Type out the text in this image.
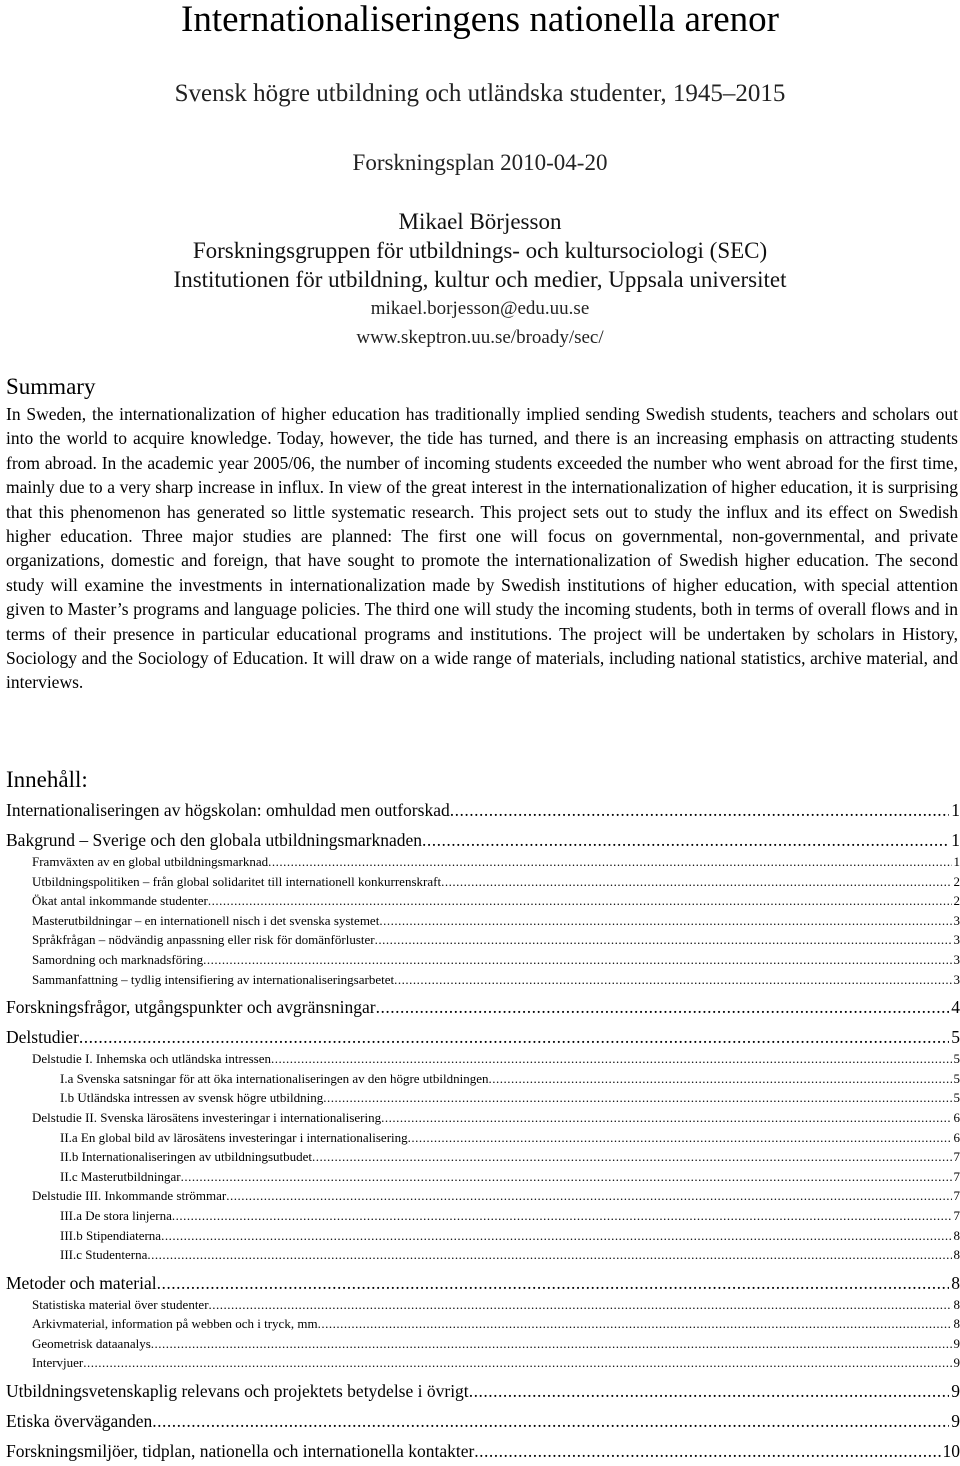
Internationaliseringens nationella arenor
Svensk högre utbildning och utländska studenter, 1945–2015
Forskningsplan 2010-04-20
Mikael Börjesson
Forskningsgruppen för utbildnings- och kultursociologi (SEC)
Institutionen för utbildning, kultur och medier, Uppsala universitet
mikael.borjesson@edu.uu.se
www.skeptron.uu.se/broady/sec/
Summary
In Sweden, the internationalization of higher education has traditionally implied sending Swedish students, teachers and scholars out into the world to acquire knowledge. Today, however, the tide has turned, and there is an increasing emphasis on attracting students from abroad. In the academic year 2005/06, the number of incoming students exceeded the number who went abroad for the first time, mainly due to a very sharp increase in influx. In view of the great interest in the internationalization of higher education, it is surprising that this phenomenon has generated so little systematic research. This project sets out to study the influx and its effect on Swedish higher education. Three major studies are planned: The first one will focus on governmental, non-governmental, and private organizations, domestic and foreign, that have sought to promote the internationalization of Swedish higher education. The second study will examine the investments in internationalization made by Swedish institutions of higher education, with special attention given to Master’s programs and language policies. The third one will study the incoming students, both in terms of overall flows and in terms of their presence in particular educational programs and institutions. The project will be undertaken by scholars in History, Sociology and the Sociology of Education. It will draw on a wide range of materials, including national statistics, archive material, and interviews.
Innehåll:
Internationaliseringen av högskolan: omhuldad men outforskad .....	1
Bakgrund – Sverige och den globala utbildningsmarknaden .....	1
Framväxten av en global utbildningsmarknad .....	1
Utbildningspolitiken – från global solidaritet till internationell konkurrenskraft .....	2
Ökat antal inkommande studenter .....	2
Masterutbildningar – en internationell nisch i det svenska systemet .....	3
Språkfrågan – nödvändig anpassning eller risk för domänförluster .....	3
Samordning och marknadsföring .....	3
Sammanfattning – tydlig intensifiering av internationaliseringsarbetet .....	3
Forskningsfrågor, utgångspunkter och avgränsningar .....	4
Delstudier .....	5
Delstudie I. Inhemska och utländska intressen .....	5
I.a Svenska satsningar för att öka internationaliseringen av den högre utbildningen .....	5
I.b Utländska intressen av svensk högre utbildning .....	5
Delstudie II. Svenska lärosätens investeringar i internationalisering .....	6
II.a En global bild av lärosätens investeringar i internationalisering .....	6
II.b Internationaliseringen av utbildningsutbudet .....	7
II.c Masterutbildningar .....	7
Delstudie III. Inkommande strömmar .....	7
III.a De stora linjerna .....	7
III.b Stipendiaterna .....	8
III.c Studenterna .....	8
Metoder och material .....	8
Statistiska material över studenter .....	8
Arkivmaterial, information på webben och i tryck, mm .....	8
Geometrisk dataanalys .....	9
Intervjuer .....	9
Utbildningsvetenskaplig relevans och projektets betydelse i övrigt .....	9
Etiska överväganden .....	9
Forskningsmiljöer, tidplan, nationella och internationella kontakter .....	10
